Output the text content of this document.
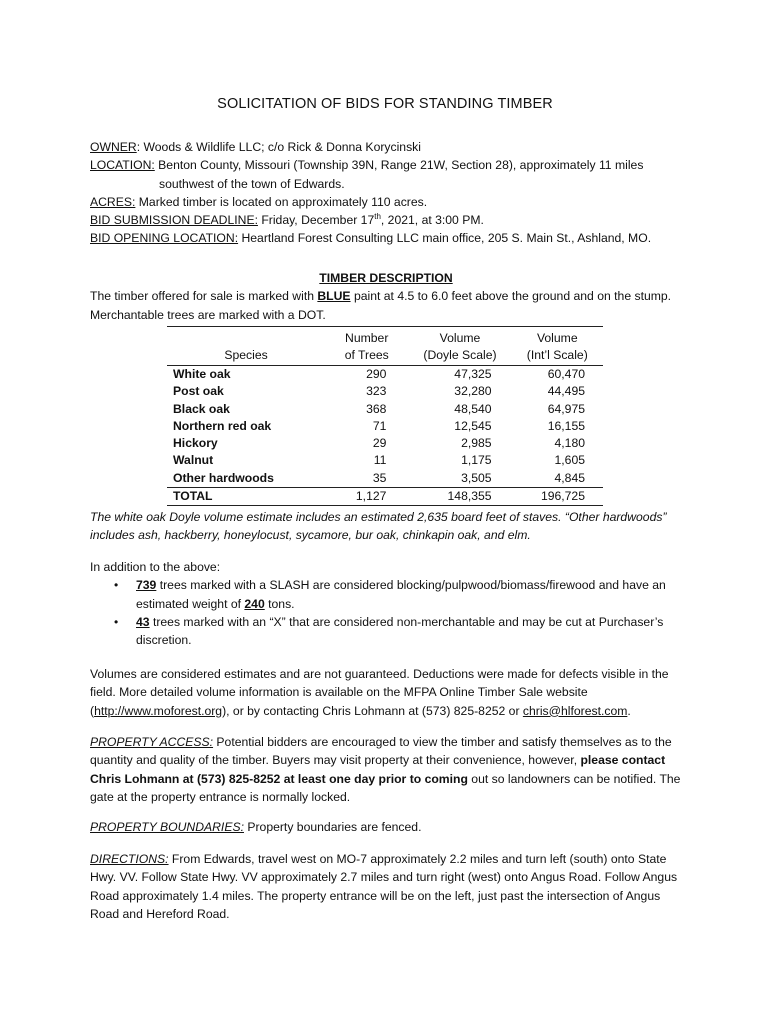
SOLICITATION OF BIDS FOR STANDING TIMBER
OWNER: Woods & Wildlife LLC; c/o Rick & Donna Korycinski
LOCATION: Benton County, Missouri (Township 39N, Range 21W, Section 28), approximately 11 miles
southwest of the town of Edwards.
ACRES: Marked timber is located on approximately 110 acres.
BID SUBMISSION DEADLINE: Friday, December 17th, 2021, at 3:00 PM.
BID OPENING LOCATION: Heartland Forest Consulting LLC main office, 205 S. Main St., Ashland, MO.
TIMBER DESCRIPTION
The timber offered for sale is marked with BLUE paint at 4.5 to 6.0 feet above the ground and on the stump. Merchantable trees are marked with a DOT.
	Number	Volume	Volume
Species	of Trees	(Doyle Scale)	(Int’l Scale)
White oak	290	47,325	60,470
Post oak	323	32,280	44,495
Black oak	368	48,540	64,975
Northern red oak	71	12,545	16,155
Hickory	29	2,985	4,180
Walnut	11	1,175	1,605
Other hardwoods	35	3,505	4,845
TOTAL	1,127	148,355	196,725
The white oak Doyle volume estimate includes an estimated 2,635 board feet of staves. “Other hardwoods” includes ash, hackberry, honeylocust, sycamore, bur oak, chinkapin oak, and elm.
In addition to the above:
• 739 trees marked with a SLASH are considered blocking/pulpwood/biomass/firewood and have an estimated weight of 240 tons.
• 43 trees marked with an “X” that are considered non-merchantable and may be cut at Purchaser’s discretion.
Volumes are considered estimates and are not guaranteed. Deductions were made for defects visible in the field. More detailed volume information is available on the MFPA Online Timber Sale website (http://www.moforest.org), or by contacting Chris Lohmann at (573) 825-8252 or chris@hlforest.com.
PROPERTY ACCESS: Potential bidders are encouraged to view the timber and satisfy themselves as to the quantity and quality of the timber. Buyers may visit property at their convenience, however, please contact Chris Lohmann at (573) 825-8252 at least one day prior to coming out so landowners can be notified. The gate at the property entrance is normally locked.
PROPERTY BOUNDARIES: Property boundaries are fenced.
DIRECTIONS: From Edwards, travel west on MO-7 approximately 2.2 miles and turn left (south) onto State Hwy. VV. Follow State Hwy. VV approximately 2.7 miles and turn right (west) onto Angus Road. Follow Angus Road approximately 1.4 miles. The property entrance will be on the left, just past the intersection of Angus Road and Hereford Road.
